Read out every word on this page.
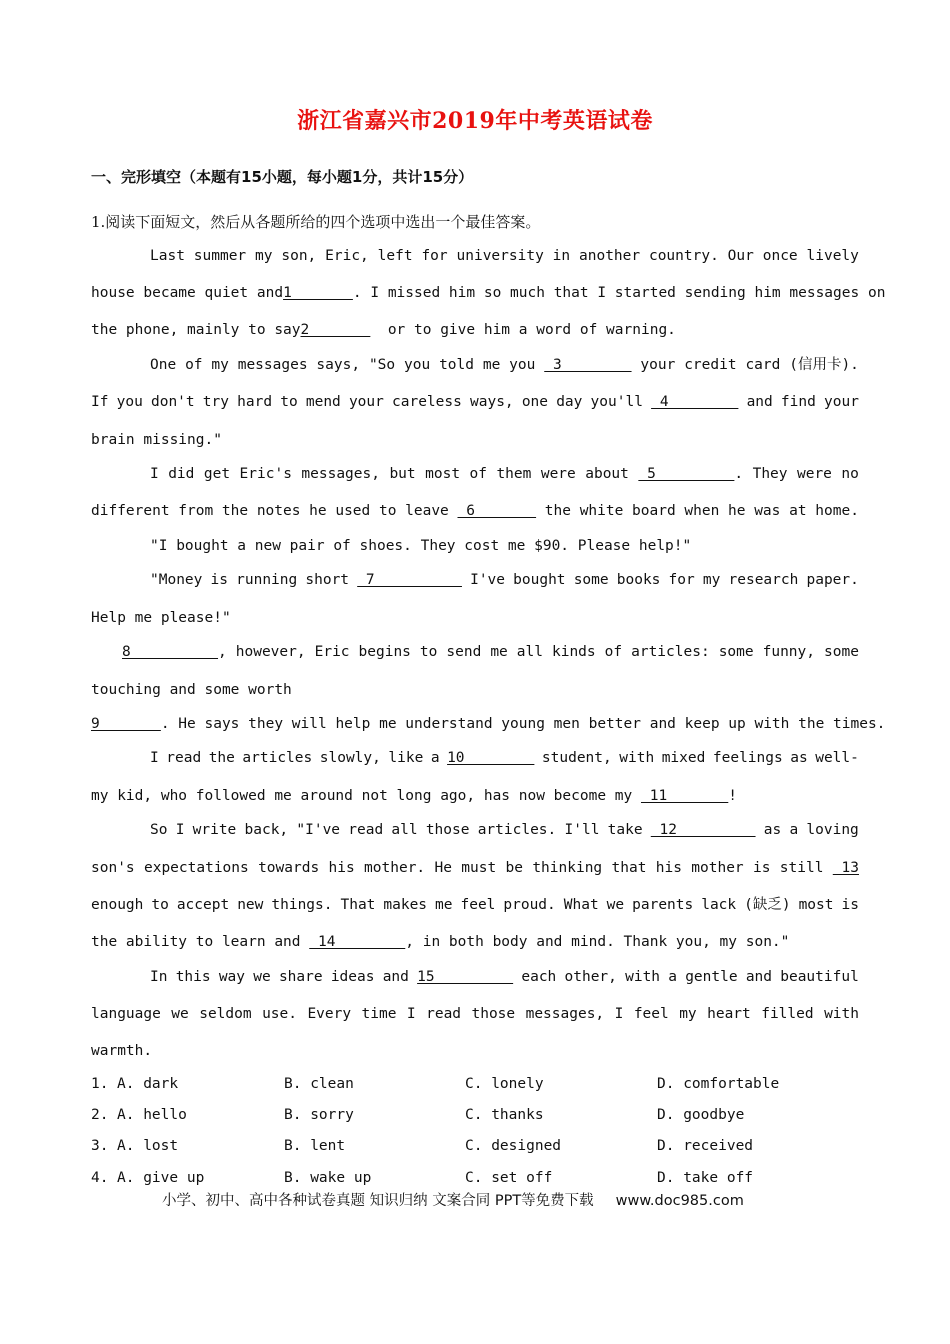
浙江省嘉兴市2019年中考英语试卷
一、完形填空（本题有15小题，每小题1分，共计15分）
1.阅读下面短文，然后从各题所给的四个选项中选出一个最佳答案。
Last summer my son, Eric, left for university in another country. Our once lively
house became quiet and 1 . I missed him so much that I started sending him messages on
the phone, mainly to say 2 or to give him a word of warning.
One of my messages says, "So you told me you 3 your credit card (信用卡).
If you don't try hard to mend your careless ways, one day you'll 4 and find your
brain missing."
I did get Eric's messages, but most of them were about 5         . They were no
different from the notes he used to leave 6 the white board when he was at home.
"I bought a new pair of shoes. They cost me $90. Please help!"
"Money is running short 7 I've bought some books for my research paper.
Help me please!"
8          , however, Eric begins to send me all kinds of articles: some funny, some
touching and some worth
9 . He says they will help me understand young men better and keep up with the times.
I read the articles slowly, like a 10 student, with mixed feelings as well-
my kid, who followed me around not long ago, has now become my 11 !
So I write back, "I've read all those articles. I'll take 12 as a loving
son's expectations towards his mother. He must be thinking that his mother is still 13
enough to accept new things. That makes me feel proud. What we parents lack (缺乏) most is
the ability to learn and 14 , in both body and mind. Thank you, my son."
In this way we share ideas and 15 each other, with a gentle and beautiful
language we seldom use. Every time I read those messages, I feel my heart filled with
warmth.
1. A. dark	B. clean	C. lonely	D. comfortable
2. A. hello	B. sorry	C. thanks	D. goodbye
3. A. lost	B. lent	C. designed	D. received
4. A. give up	B. wake up	C. set off	D. take off
小学、初中、高中各种试卷真题 知识归纳 文案合同 PPT等免费下载 www.doc985.com
